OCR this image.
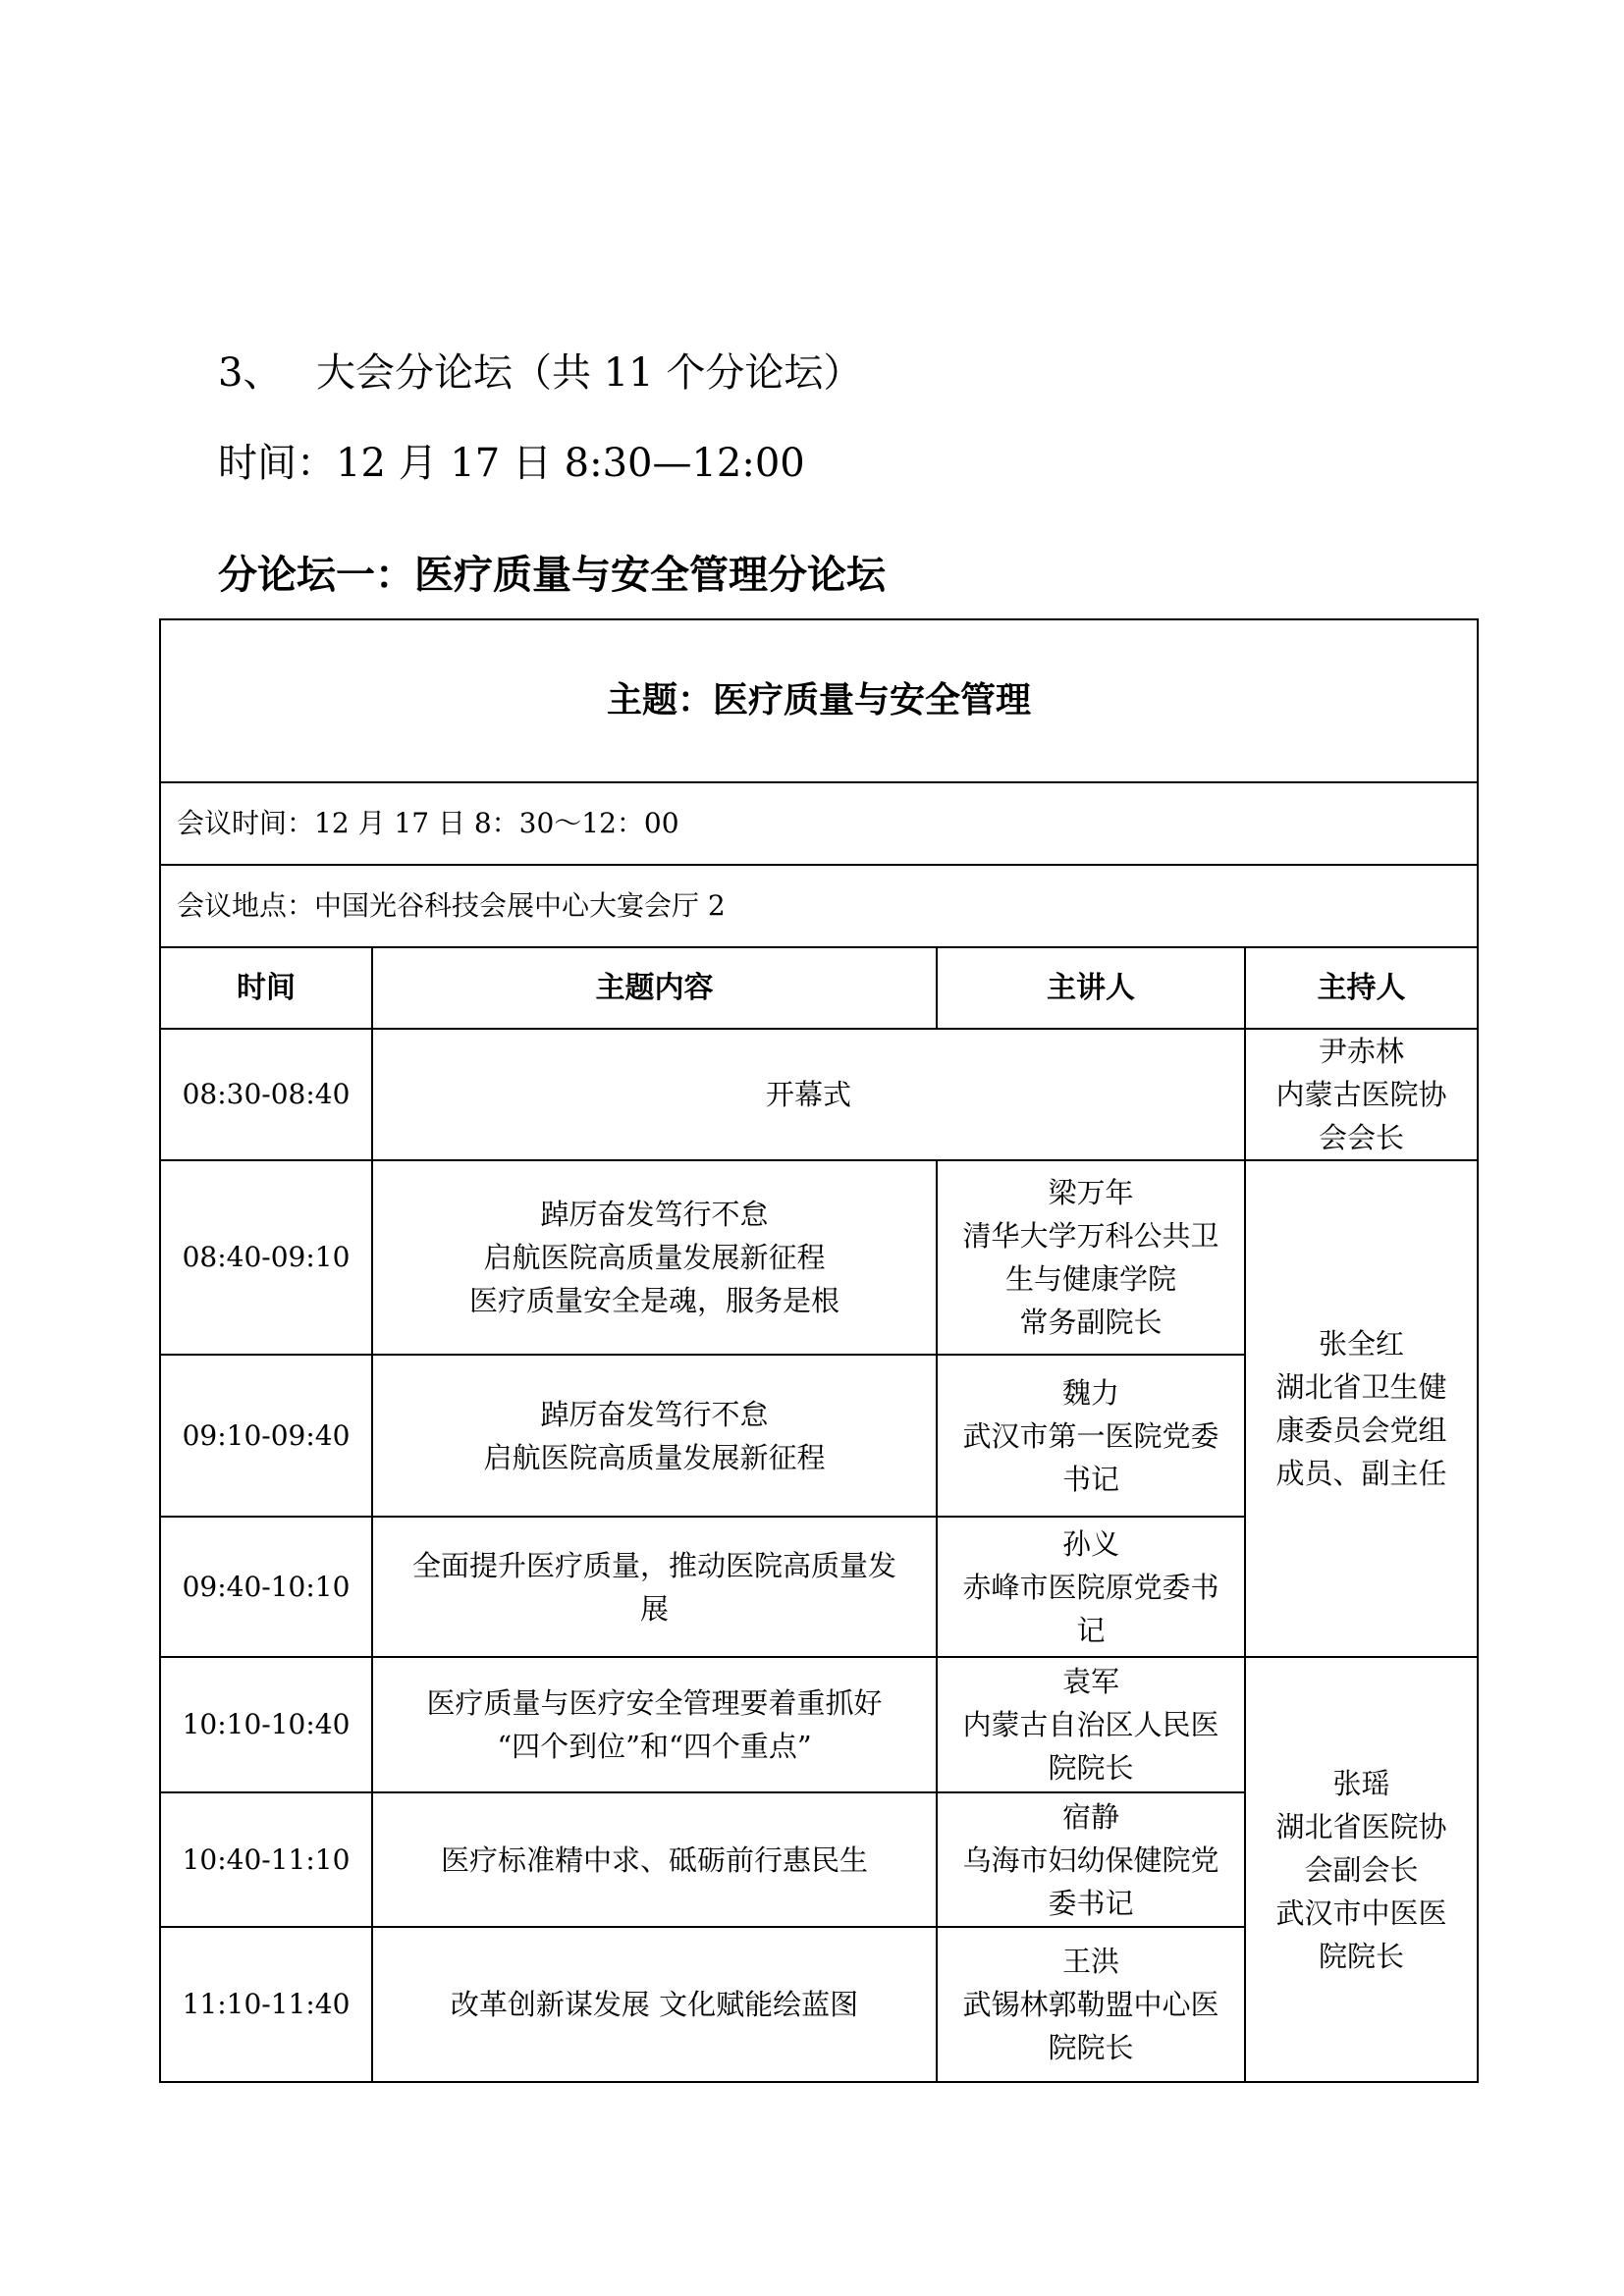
3、 大会分论坛（共 11 个分论坛）
时间：12 月 17 日 8:30—12:00
分论坛一：医疗质量与安全管理分论坛
主题：医疗质量与安全管理			

会议时间：12 月 17 日 8：30～12：00			

会议地点：中国光谷科技会展中心大宴会厅 2			

时间	主题内容	主讲人	主持人

08:30-08:40	开幕式		尹赤林
内蒙古医院协
会会长

08:40-09:10	踔厉奋发笃行不怠
启航医院高质量发展新征程
医疗质量安全是魂，服务是根	梁万年
清华大学万科公共卫
生与健康学院
常务副院长	张全红
湖北省卫生健
康委员会党组
成员、副主任

09:10-09:40	踔厉奋发笃行不怠
启航医院高质量发展新征程	魏力
武汉市第一医院党委
书记	

09:40-10:10	全面提升医疗质量，推动医院高质量发
展	孙义
赤峰市医院原党委书
记	

10:10-10:40	医疗质量与医疗安全管理要着重抓好
“四个到位”和“四个重点”	袁军
内蒙古自治区人民医
院院长	张瑶
湖北省医院协
会副会长
武汉市中医医
院院长

10:40-11:10	医疗标准精中求、砥砺前行惠民生	宿静
乌海市妇幼保健院党
委书记	

11:10-11:40	改革创新谋发展 文化赋能绘蓝图	王洪
武锡林郭勒盟中心医
院院长	
